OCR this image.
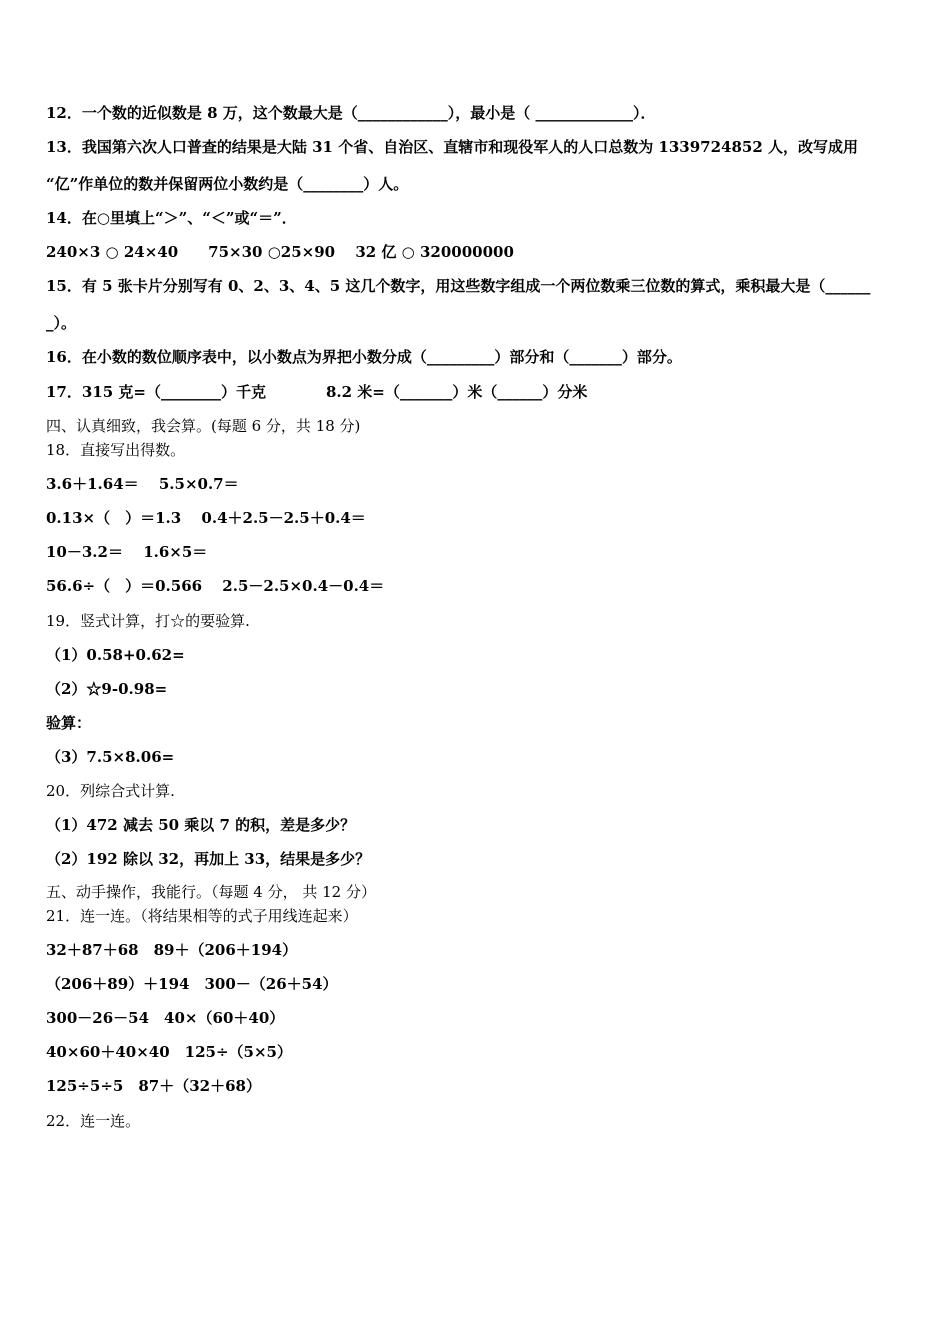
12．一个数的近似数是 8 万，这个数最大是（____________），最小是（ _____________）．
13．我国第六次人口普查的结果是大陆 31 个省、自治区、直辖市和现役军人的人口总数为 1339724852 人，改写成用
“亿”作单位的数并保留两位小数约是（________）人。
14．在○里填上“＞”、“＜”或“＝”．
240×3 ○ 24×40　　75×30 ○25×90　 32 亿 ○ 320000000
15．有 5 张卡片分别写有 0、2、3、4、5 这几个数字，用这些数字组成一个两位数乘三位数的算式，乘积最大是（______
_）。
16．在小数的数位顺序表中，以小数点为界把小数分成（_________）部分和（_______）部分。
17．315 克=（________）千克　　　　8.2 米=（_______）米（______）分米
四、认真细致，我会算。(每题 6 分，共 18 分)
18．直接写出得数。
3.6＋1.64＝　 5.5×0.7＝
0.13×（　）＝1.3　 0.4＋2.5－2.5＋0.4＝
10－3.2＝　 1.6×5＝
56.6÷（　）＝0.566　 2.5－2.5×0.4－0.4＝
19．竖式计算，打☆的要验算.
（1）0.58+0.62=
（2）☆9-0.98=
验算：
（3）7.5×8.06=
20．列综合式计算.
（1）472 减去 50 乘以 7 的积，差是多少？
（2）192 除以 32，再加上 33，结果是多少？
五、动手操作，我能行。（每题 4 分， 共 12 分）
21．连一连。（将结果相等的式子用线连起来）
32＋87＋68　89＋（206＋194）
（206＋89）＋194　300－（26＋54）
300－26－54　40×（60＋40）
40×60＋40×40　125÷（5×5）
125÷5÷5　87＋（32＋68）
22．连一连。
